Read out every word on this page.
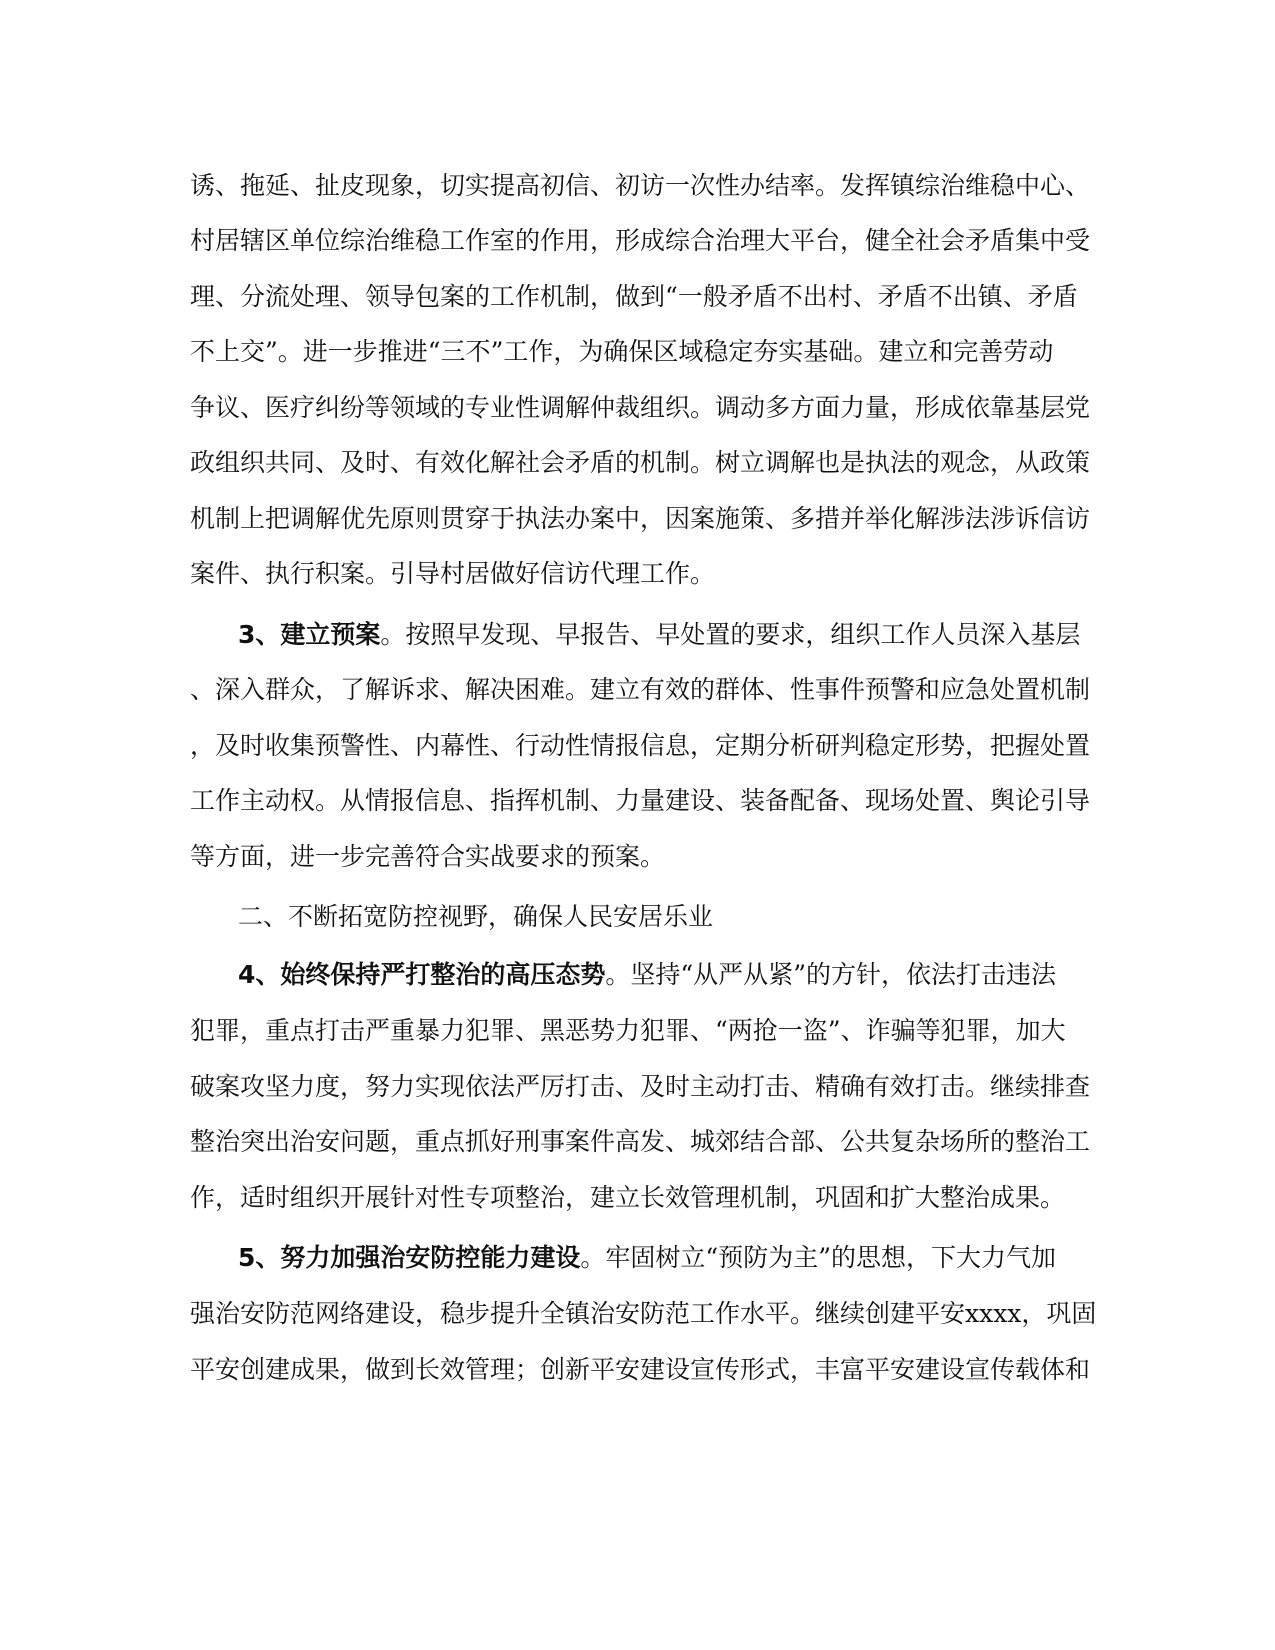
诱、拖延、扯皮现象，切实提高初信、初访一次性办结率。发挥镇综治维稳中心、
村居辖区单位综治维稳工作室的作用，形成综合治理大平台，健全社会矛盾集中受
理、分流处理、领导包案的工作机制，做到“一般矛盾不出村、矛盾不出镇、矛盾
不上交”。进一步推进“三不”工作，为确保区域稳定夯实基础。建立和完善劳动
争议、医疗纠纷等领域的专业性调解仲裁组织。调动多方面力量，形成依靠基层党
政组织共同、及时、有效化解社会矛盾的机制。树立调解也是执法的观念，从政策
机制上把调解优先原则贯穿于执法办案中，因案施策、多措并举化解涉法涉诉信访
案件、执行积案。引导村居做好信访代理工作。
3、建立预案。按照早发现、早报告、早处置的要求，组织工作人员深入基层
、深入群众，了解诉求、解决困难。建立有效的群体、性事件预警和应急处置机制
，及时收集预警性、内幕性、行动性情报信息，定期分析研判稳定形势，把握处置
工作主动权。从情报信息、指挥机制、力量建设、装备配备、现场处置、舆论引导
等方面，进一步完善符合实战要求的预案。
二、不断拓宽防控视野，确保人民安居乐业
4、始终保持严打整治的高压态势。坚持“从严从紧”的方针，依法打击违法
犯罪，重点打击严重暴力犯罪、黑恶势力犯罪、“两抢一盗”、诈骗等犯罪，加大
破案攻坚力度，努力实现依法严厉打击、及时主动打击、精确有效打击。继续排查
整治突出治安问题，重点抓好刑事案件高发、城郊结合部、公共复杂场所的整治工
作，适时组织开展针对性专项整治，建立长效管理机制，巩固和扩大整治成果。
5、努力加强治安防控能力建设。牢固树立“预防为主”的思想，下大力气加
强治安防范网络建设，稳步提升全镇治安防范工作水平。继续创建平安xxxx，巩固
平安创建成果，做到长效管理；创新平安建设宣传形式，丰富平安建设宣传载体和
